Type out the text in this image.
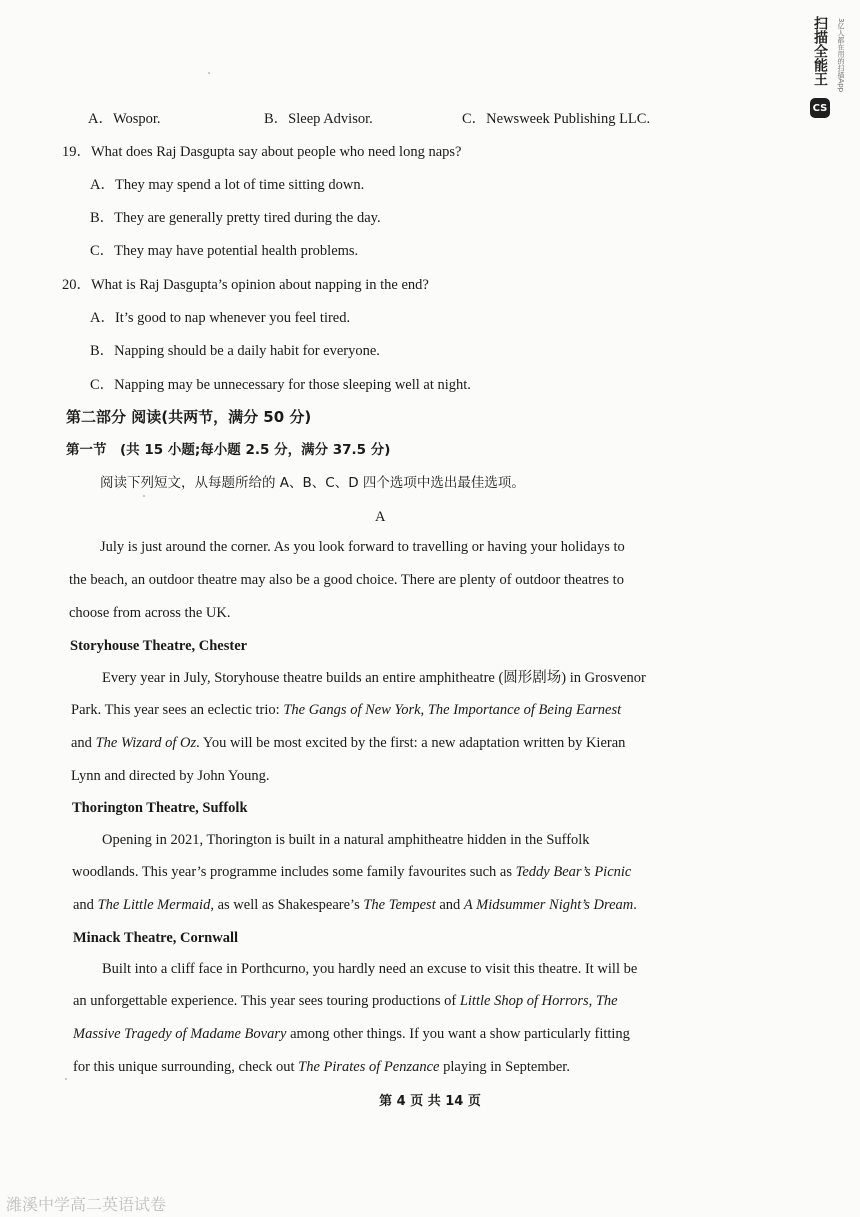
扫描全能王
CS
3亿人都在用的扫描App
A．Wospor.	B．Sleep Advisor.	C．Newsweek Publishing LLC.
19．What does Raj Dasgupta say about people who need long naps?
A．They may spend a lot of time sitting down.
B．They are generally pretty tired during the day.
C．They may have potential health problems.
20．What is Raj Dasgupta’s opinion about napping in the end?
A．It’s good to nap whenever you feel tired.
B．Napping should be a daily habit for everyone.
C．Napping may be unnecessary for those sleeping well at night.
第二部分 阅读(共两节，满分 50 分)
第一节　(共 15 小题;每小题 2.5 分，满分 37.5 分)
阅读下列短文，从每题所给的 A、B、C、D 四个选项中选出最佳选项。
A
July is just around the corner. As you look forward to travelling or having your holidays to
the beach, an outdoor theatre may also be a good choice. There are plenty of outdoor theatres to
choose from across the UK.
Storyhouse Theatre, Chester
Every year in July, Storyhouse theatre builds an entire amphitheatre (圆形剧场) in Grosvenor
Park. This year sees an eclectic trio: The Gangs of New York, The Importance of Being Earnest
and The Wizard of Oz. You will be most excited by the first: a new adaptation written by Kieran
Lynn and directed by John Young.
Thorington Theatre, Suffolk
Opening in 2021, Thorington is built in a natural amphitheatre hidden in the Suffolk
woodlands. This year’s programme includes some family favourites such as Teddy Bear’s Picnic
and The Little Mermaid, as well as Shakespeare’s The Tempest and A Midsummer Night’s Dream.
Minack Theatre, Cornwall
Built into a cliff face in Porthcurno, you hardly need an excuse to visit this theatre. It will be
an unforgettable experience. This year sees touring productions of Little Shop of Horrors, The
Massive Tragedy of Madame Bovary among other things. If you want a show particularly fitting
for this unique surrounding, check out The Pirates of Penzance playing in September.
第 4 页 共 14 页
潍溪中学高二英语试卷
